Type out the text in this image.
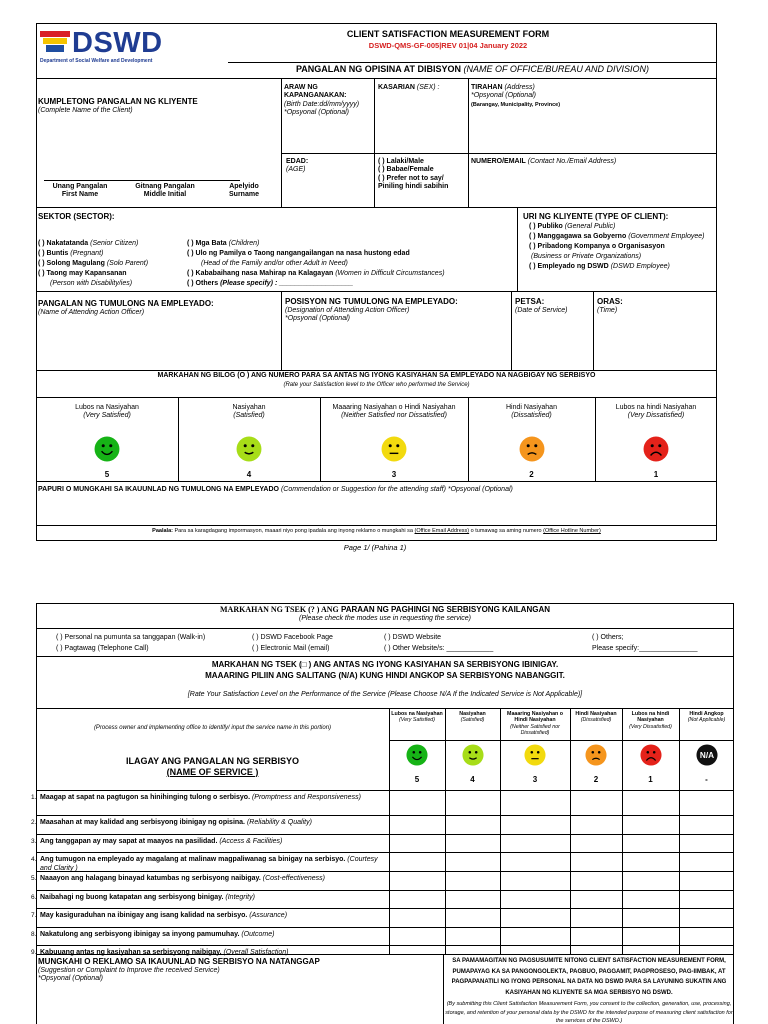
DSWD
Department of Social Welfare and Development
CLIENT SATISFACTION MEASUREMENT FORM
DSWD-QMS-GF-005|REV 01|04 January 2022
PANGALAN NG OPISINA AT DIBISYON (NAME OF OFFICE/BUREAU AND DIVISION)
KUMPLETONG PANGALAN NG KLIYENTE
(Complete Name of the Client)
Unang Pangalan
First Name
Gitnang Pangalan
Middle Initial
Apelyido
Surname
ARAW NG KAPANGANAKAN:
(Birth Date:dd/mm/yyyy)
*Opsyonal (Optional)
KASARIAN (SEX) :	TIRAHAN (Address)
*Opsyonal (Optional)
(Barangay, Municipality, Province)
EDAD:
(AGE)
( ) Lalaki/Male
( ) Babae/Female
( ) Prefer not to say/
Piniling hindi sabihin
NUMERO/EMAIL (Contact No./Email Address)
SEKTOR (SECTOR):
( ) Nakatatanda (Senior Citizen)
( ) Buntis (Pregnant)
( ) Solong Magulang (Solo Parent)
( ) Taong may Kapansanan
(Person with Disability/ies)
( ) Mga Bata (Children)
( ) Ulo ng Pamilya o Taong nangangailangan na nasa hustong edad
(Head of the Family and/or other Adult in Need)
( ) Kababaihang nasa Mahirap na Kalagayan (Women in Difficult Circumstances)
( ) Others (Please specify) : ___________________
URI NG KLIYENTE (TYPE OF CLIENT):
( ) Publiko (General Public)
( ) Manggagawa sa Gobyerno (Government Employee)
( ) Pribadong Kompanya o Organisasyon
(Business or Private Organizations)
( ) Empleyado ng DSWD (DSWD Employee)
PANGALAN NG TUMULONG NA EMPLEYADO:
(Name of Attending Action Officer)
POSISYON NG TUMULONG NA EMPLEYADO:
(Designation of Attending Action Officer)
*Opsyonal (Optional)
PETSA:
(Date of Service)
ORAS:
(Time)
MARKAHAN NG BILOG (O ) ANG NUMERO PARA SA ANTAS NG IYONG KASIYAHAN SA EMPLEYADO NA NAGBIGAY NG SERBISYO
(Rate your Satisfaction level to the Officer who performed the Service)
Lubos na Nasiyahan
(Very Satisfied)
5
Nasiyahan
(Satisfied)
4
Maaaring Nasiyahan o Hindi Nasiyahan
(Neither Satisfied nor Dissatisfied)
3
Hindi Nasiyahan
(Dissatisfied)
2
Lubos na hindi Nasiyahan
(Very Dissatisfied)
1
PAPURI O MUNGKAHI SA IKAUUNLAD NG TUMULONG NA EMPLEYADO (Commendation or Suggestion for the attending staff) *Opsyonal (Optional)
Paalala: Para sa karagdagang impormasyon, maaari niyo pong ipadala ang inyong reklamo o mungkahi sa (Office Email Address) o tumawag sa aming numero (Office Hotline Number)
Page 1/ (Pahina 1)
MARKAHAN NG TSEK (? ) ANG PARAAN NG PAGHINGI NG SERBISYONG KAILANGAN
(Please check the modes use in requesting the service)
( ) Personal na pumunta sa tanggapan (Walk-in)
( ) Pagtawag (Telephone Call)
( ) DSWD Facebook Page
( ) Electronic Mail (email)
( ) DSWD Website
( ) Other Website/s: ____________
( ) Others;
Please specify:_______________
MARKAHAN NG TSEK (□ ) ANG ANTAS NG IYONG KASIYAHAN SA SERBISYONG IBINIGAY.
MAAARING PILIIN ANG SALITANG (N/A) KUNG HINDI ANGKOP SA SERBISYONG NABANGGIT.
[Rate Your Satisfaction Level on the Performance of the Service (Please Choose N/A If the Indicated Service is Not Applicable)]
(Process owner and implementing office to identify/ input the service name in this portion)
ILAGAY ANG PANGALAN NG SERBISYO
(NAME OF SERVICE )
Lubos na Nasiyahan
(Very Satisfied)
5
Nasiyahan
(Satisfied)
4
Maaaring Nasiyahan o Hindi Nasiyahan
(Neither Satisfied nor Dissatisfied)
3
Hindi Nasiyahan
(Dissatisfied)
2
Lubos na hindi Nasiyahan
(Very Dissatisfied)
1
Hindi Angkop
(Not Applicable)
N/A
-
1. Maagap at sapat na pagtugon sa hinihinging tulong o serbisyo. (Promptness and Responsiveness)
2. Maasahan at may kalidad ang serbisyong ibinigay ng opisina. (Reliability & Quality)
3. Ang tanggapan ay may sapat at maayos na pasilidad. (Access & Facilities)
4. Ang tumugon na empleyado ay magalang at malinaw magpaliwanag sa binigay na serbisyo. (Courtesy and Clarity )
5. Naaayon ang halagang binayad katumbas ng serbisyong naibigay. (Cost-effectiveness)
6. Naibahagi ng buong katapatan ang serbisyong binigay. (Integrity)
7. May kasiguraduhan na ibinigay ang isang kalidad na serbisyo. (Assurance)
8. Nakatulong ang serbisyong ibinigay sa inyong pamumuhay. (Outcome)
9. Kabuuang antas ng kasiyahan sa serbisyong naibigay. (Overall Satisfaction)
MUNGKAHI O REKLAMO SA IKAUUNLAD NG SERBISYO NA NATANGGAP
(Suggestion or Complaint to Improve the received Service)
*Opsyonal (Optional)
SA PAMAMAGITAN NG PAGSUSUMITE NITONG CLIENT SATISFACTION MEASUREMENT FORM, PUMAPAYAG KA SA PANGONGOLEKTA, PAGBUO, PAGGAMIT, PAGPROSESO, PAG-IIMBAK, AT PAGPAPANATILI NG IYONG PERSONAL NA DATA NG DSWD PARA SA LAYUNING SUKATIN ANG KASIYAHAN NG KLIYENTE SA MGA SERBISYO NG DSWD.
(By submitting this Client Satisfaction Measurement Form, you consent to the collection, generation, use, processing, storage, and retention of your personal data by the DSWD for the intended purpose of measuring client satisfaction for the services of the DSWD.)
